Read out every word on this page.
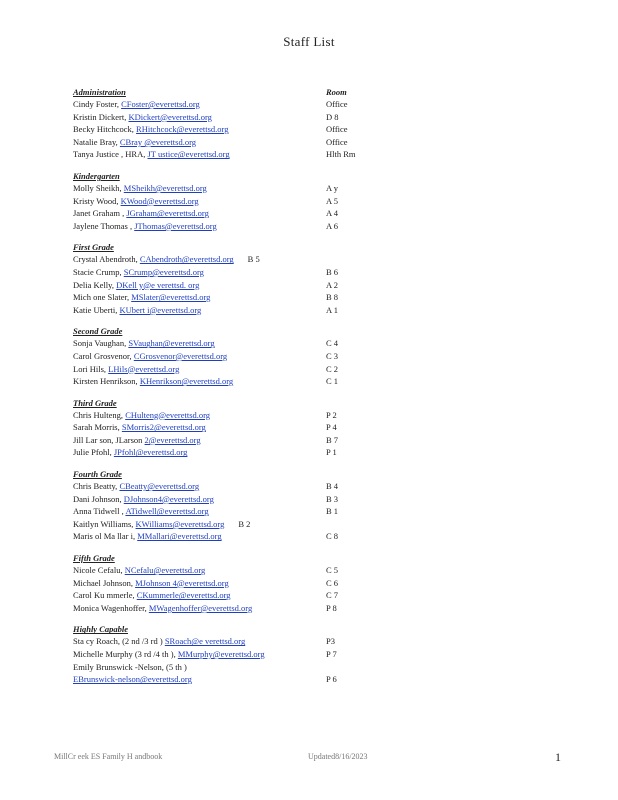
Staff List
Administration	Room
Cindy Foster, CFoster@everettsd.org	Office
Kristin Dickert, KDickert@everettsd.org	D 8
Becky Hitchcock, RHitchcock@everettsd.org	Office
Natalie Bray, CBray @everettsd.org	Office
Tanya Justice , HRA, JT ustice@everettsd.org	Hlth Rm
Kindergarten
Molly Sheikh, MSheikh@everettsd.org	A y
Kristy Wood, KWood@everettsd.org	A 5
Janet Graham , JGraham@everettsd.org	A 4
Jaylene Thomas , JThomas@everettsd.org	A 6
First Grade
Crystal Abendroth, CAbendroth@everettsd.org B 5
Stacie Crump, SCrump@everettsd.org	B 6
Delia Kelly, DKell y@e verettsd. org	A 2
Mich one Slater, MSlater@everettsd.org	B 8
Katie Uberti, KUbert i@everettsd.org	A 1
Second Grade
Sonja Vaughan, SVaughan@everettsd.org	C 4
Carol Grosvenor, CGrosvenor@everettsd.org	C 3
Lori Hils, LHils@everettsd.org	C 2
Kirsten Henrikson, KHenrikson@everettsd.org	C 1
Third Grade
Chris Hulteng, CHulteng@everettsd.org	P 2
Sarah Morris, SMorris2@everettsd.org	P 4
Jill Lar son, JLarson 2@everettsd.org	B 7
Julie Pfohl, JPfohl@everettsd.org	P 1
Fourth Grade
Chris Beatty, CBeatty@everettsd.org	B 4
Dani Johnson, DJohnson4@everettsd.org	B 3
Anna Tidwell , ATidwell@everettsd.org	B 1
Kaitlyn Williams, KWilliams@everettsd.org B 2
Maris ol Ma llar i, MMallari@everettsd.org	C 8
Fifth Grade
Nicole Cefalu, NCefalu@everettsd.org	C 5
Michael Johnson, MJohnson 4@everettsd.org	C 6
Carol Ku mmerle, CKummerle@everettsd.org	C 7
Monica Wagenhoffer, MWagenhoffer@everettsd.org	P 8
Highly Capable
Sta cy Roach, (2 nd /3 rd ) SRoach@e verettsd.org	P3
Michelle Murphy (3 rd /4 th ), MMurphy@everettsd.org	P 7
Emily Brunswick -Nelson, (5 th )
EBrunswick-nelson@everettsd.org	P 6
MillCr eek ES Family H andbook	Updated8/16/2023	1
